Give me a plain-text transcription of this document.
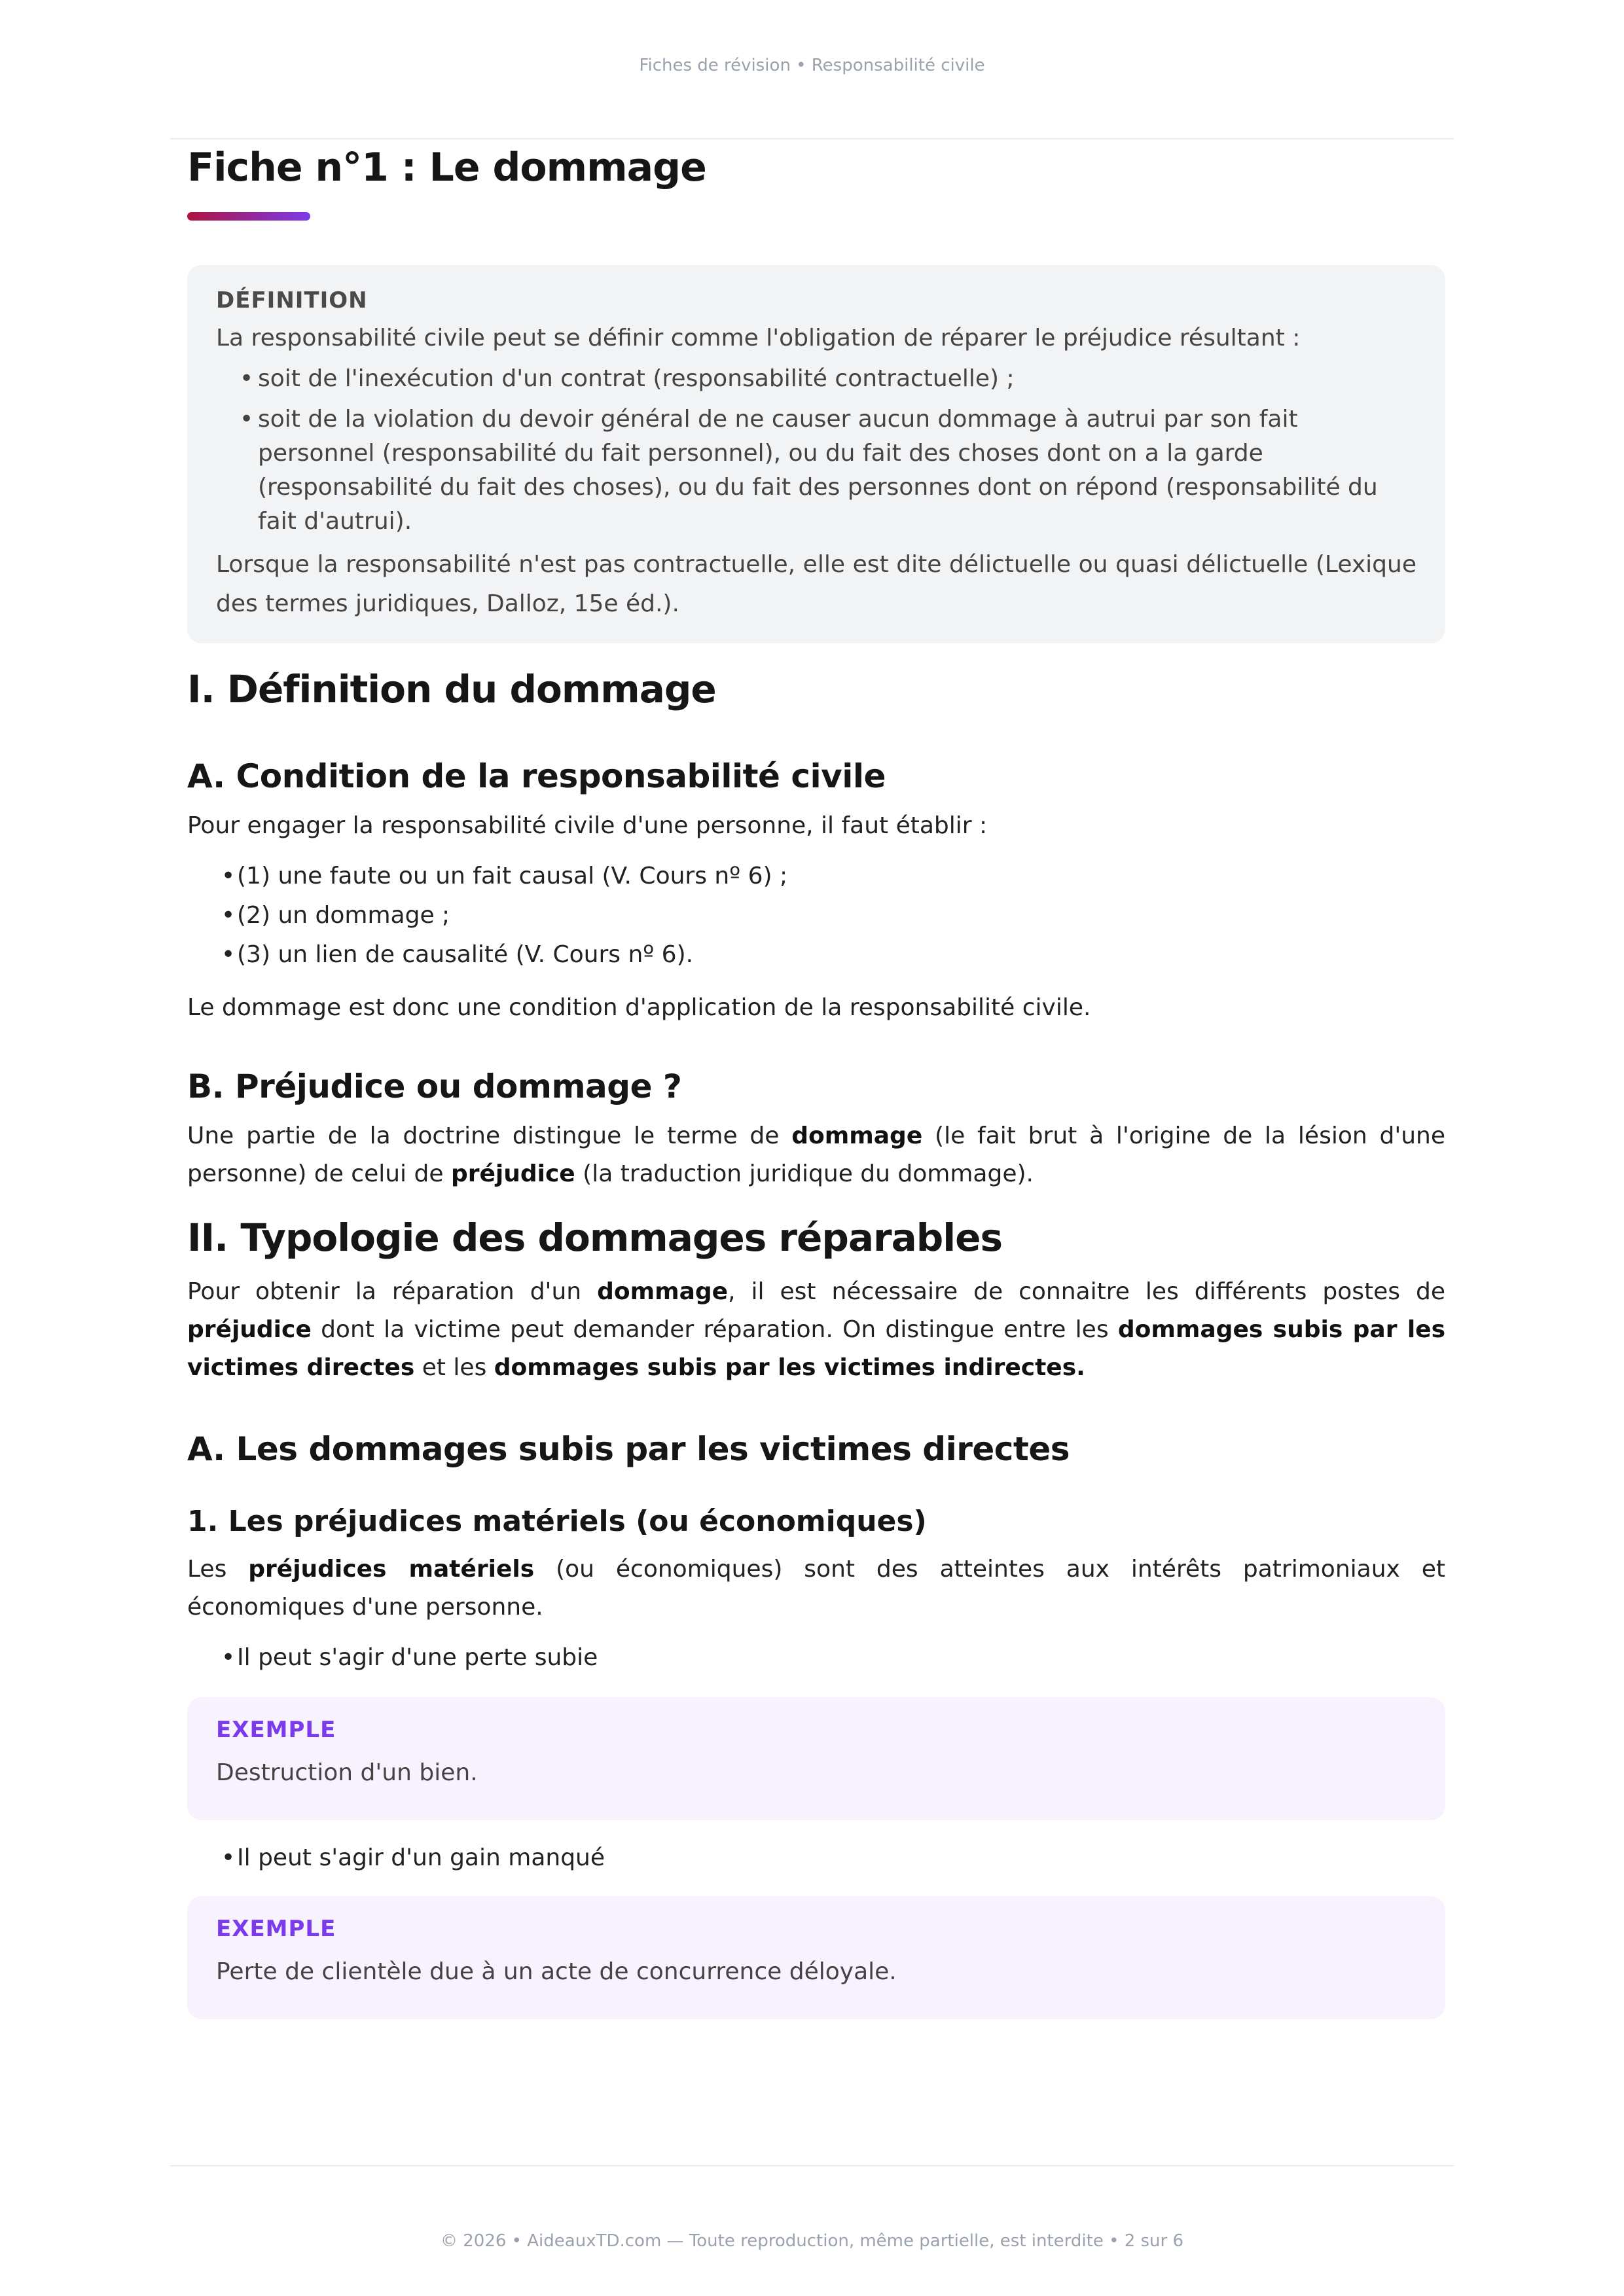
Fiches de révision • Responsabilité civile
Fiche n°1 : Le dommage
DÉFINITION

La responsabilité civile peut se définir comme l'obligation de réparer le préjudice résultant :

• soit de l'inexécution d'un contrat (responsabilité contractuelle) ;
• soit de la violation du devoir général de ne causer aucun dommage à autrui par son fait personnel (responsabilité du fait personnel), ou du fait des choses dont on a la garde (responsabilité du fait des choses), ou du fait des personnes dont on répond (responsabilité du fait d'autrui).

Lorsque la responsabilité n'est pas contractuelle, elle est dite délictuelle ou quasi délictuelle (Lexique des termes juridiques, Dalloz, 15e éd.).

I. Définition du dommage
A. Condition de la responsabilité civile

Pour engager la responsabilité civile d'une personne, il faut établir :

• (1) une faute ou un fait causal (V. Cours nº 6) ;
• (2) un dommage ;
• (3) un lien de causalité (V. Cours nº 6).

Le dommage est donc une condition d'application de la responsabilité civile.

B. Préjudice ou dommage ?

Une partie de la doctrine distingue le terme de dommage (le fait brut à l'origine de la lésion d'une personne) de celui de préjudice (la traduction juridique du dommage).

II. Typologie des dommages réparables

Pour obtenir la réparation d'un dommage, il est nécessaire de connaitre les différents postes de préjudice dont la victime peut demander réparation. On distingue entre les dommages subis par les victimes directes et les dommages subis par les victimes indirectes.

A. Les dommages subis par les victimes directes
1. Les préjudices matériels (ou économiques)

Les préjudices matériels (ou économiques) sont des atteintes aux intérêts patrimoniaux et économiques d'une personne.

• Il peut s'agir d'une perte subie
EXEMPLE

Destruction d'un bien.

• Il peut s'agir d'un gain manqué
EXEMPLE

Perte de clientèle due à un acte de concurrence déloyale.

© 2026 • AideauxTD.com — Toute reproduction, même partielle, est interdite • 2 sur 6
